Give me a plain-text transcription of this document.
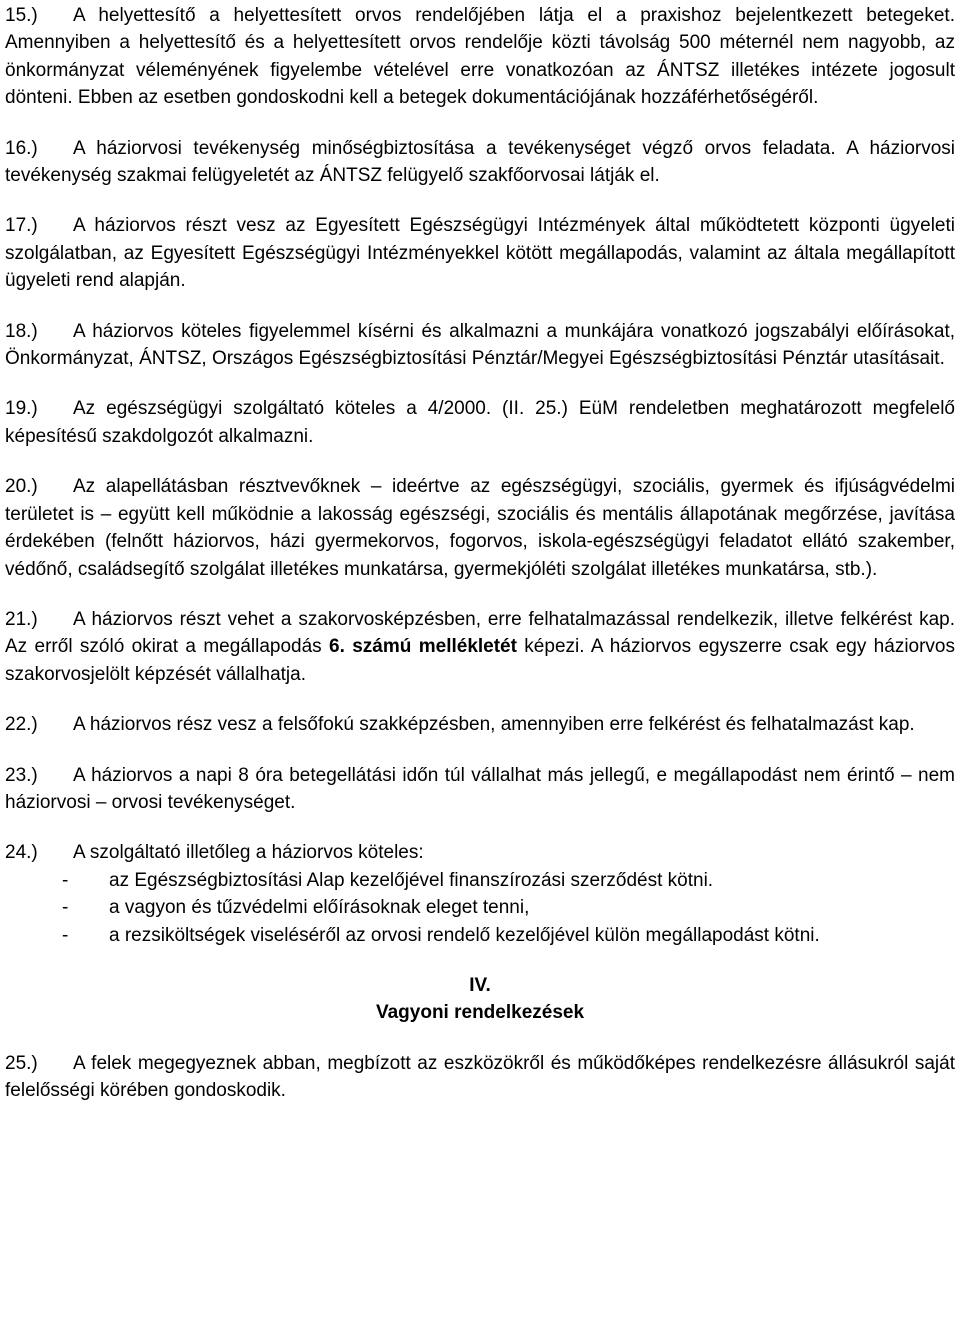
15.) A helyettesítő a helyettesített orvos rendelőjében látja el a praxishoz bejelentkezett betegeket. Amennyiben a helyettesítő és a helyettesített orvos rendelője közti távolság 500 méternél nem nagyobb, az önkormányzat véleményének figyelembe vételével erre vonatkozóan az ÁNTSZ illetékes intézete jogosult dönteni. Ebben az esetben gondoskodni kell a betegek dokumentációjának hozzáférhetőségéről.

16.) A háziorvosi tevékenység minőségbiztosítása a tevékenységet végző orvos feladata. A háziorvosi tevékenység szakmai felügyeletét az ÁNTSZ felügyelő szakfőorvosai látják el.

17.) A háziorvos részt vesz az Egyesített Egészségügyi Intézmények által működtetett központi ügyeleti szolgálatban, az Egyesített Egészségügyi Intézményekkel kötött megállapodás, valamint az általa megállapított ügyeleti rend alapján.

18.) A háziorvos köteles figyelemmel kísérni és alkalmazni a munkájára vonatkozó jogszabályi előírásokat, Önkormányzat, ÁNTSZ, Országos Egészségbiztosítási Pénztár/Megyei Egészségbiztosítási Pénztár utasításait.

19.) Az egészségügyi szolgáltató köteles a 4/2000. (II. 25.) EüM rendeletben meghatározott megfelelő képesítésű szakdolgozót alkalmazni.

20.) Az alapellátásban résztvevőknek – ideértve az egészségügyi, szociális, gyermek és ifjúságvédelmi területet is – együtt kell működnie a lakosság egészségi, szociális és mentális állapotának megőrzése, javítása érdekében (felnőtt háziorvos, házi gyermekorvos, fogorvos, iskola-egészségügyi feladatot ellátó szakember, védőnő, családsegítő szolgálat illetékes munkatársa, gyermekjóléti szolgálat illetékes munkatársa, stb.).

21.) A háziorvos részt vehet a szakorvosképzésben, erre felhatalmazással rendelkezik, illetve felkérést kap. Az erről szóló okirat a megállapodás 6. számú mellékletét képezi. A háziorvos egyszerre csak egy háziorvos szakorvosjelölt képzését vállalhatja.

22.) A háziorvos rész vesz a felsőfokú szakképzésben, amennyiben erre felkérést és felhatalmazást kap.

23.) A háziorvos a napi 8 óra betegellátási időn túl vállalhat más jellegű, e megállapodást nem érintő – nem háziorvosi – orvosi tevékenységet.

24.) A szolgáltató illetőleg a háziorvos köteles:

- az Egészségbiztosítási Alap kezelőjével finanszírozási szerződést kötni.
- a vagyon és tűzvédelmi előírásoknak eleget tenni,
- a rezsiköltségek viseléséről az orvosi rendelő kezelőjével külön megállapodást kötni.
IV.
Vagyoni rendelkezések

25.) A felek megegyeznek abban, megbízott az eszközökről és működőképes rendelkezésre állásukról saját felelősségi körében gondoskodik.
